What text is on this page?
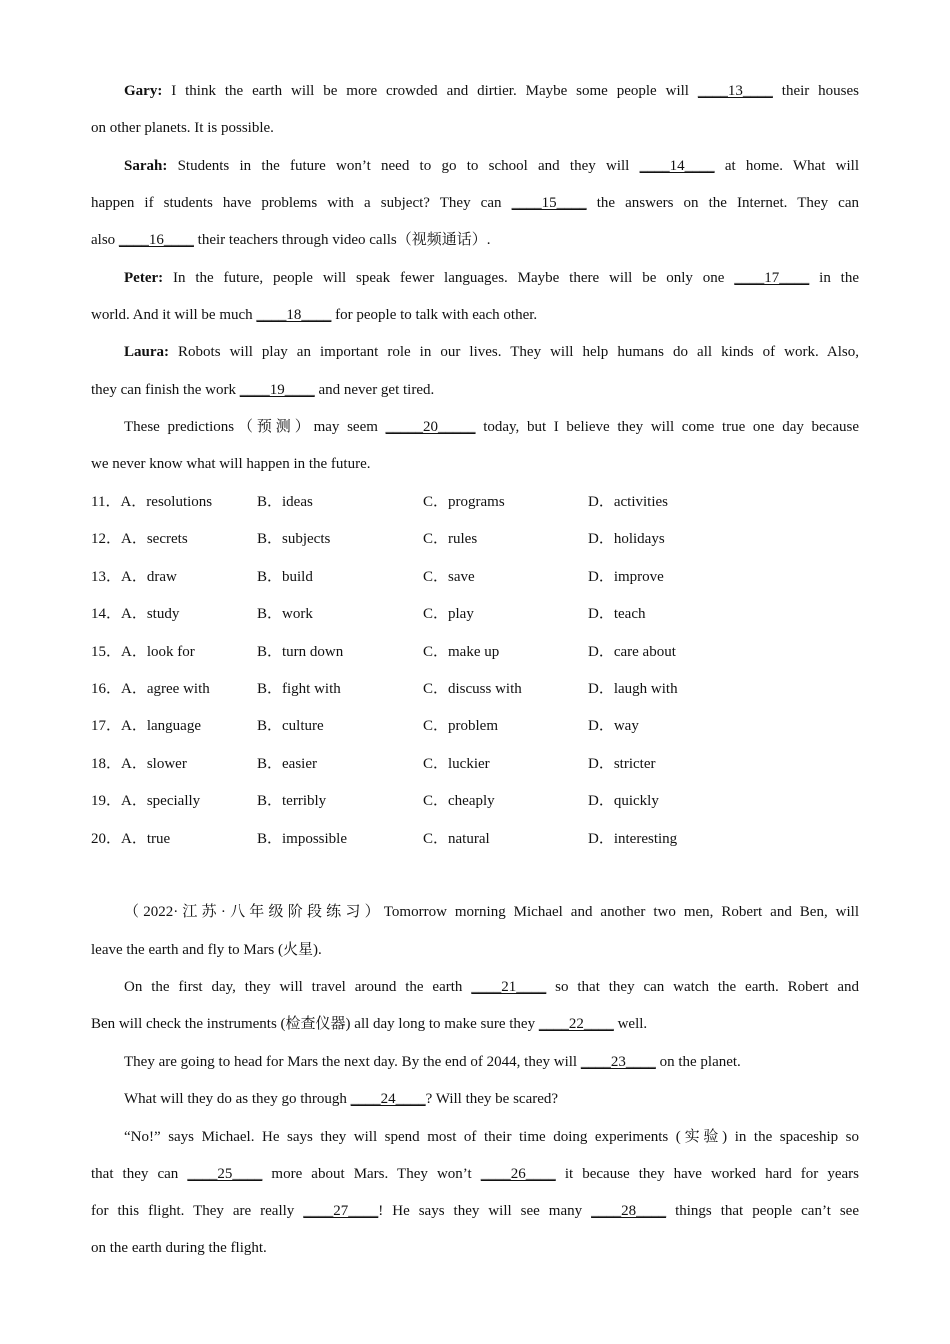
Gary: I think the earth will be more crowded and dirtier. Maybe some people will ____13____ their houses
on other planets. It is possible.
Sarah: Students in the future won’t need to go to school and they will ____14____ at home. What will
happen if students have problems with a subject? They can ____15____ the answers on the Internet. They can
also ____16____ their teachers through video calls（视频通话）.
Peter: In the future, people will speak fewer languages. Maybe there will be only one ____17____ in the
world. And it will be much ____18____ for people to talk with each other.
Laura: Robots will play an important role in our lives. They will help humans do all kinds of work. Also,
they can finish the work ____19____ and never get tired.
These predictions（预测）may seem _____20_____ today, but I believe they will come true one day because
we never know what will happen in the future.
11．A．resolutions	B．ideas	C．programs	D．activities
12．A．secrets	B．subjects	C．rules	D．holidays
13．A．draw	B．build	C．save	D．improve
14．A．study	B．work	C．play	D．teach
15．A．look for	B．turn down	C．make up	D．care about
16．A．agree with	B．fight with	C．discuss with	D．laugh with
17．A．language	B．culture	C．problem	D．way
18．A．slower	B．easier	C．luckier	D．stricter
19．A．specially	B．terribly	C．cheaply	D．quickly
20．A．true	B．impossible	C．natural	D．interesting
（2022·江苏·八年级阶段练习）Tomorrow morning Michael and another two men, Robert and Ben, will
leave the earth and fly to Mars (火星).
On the first day, they will travel around the earth ____21____ so that they can watch the earth. Robert and
Ben will check the instruments (检查仪器) all day long to make sure they ____22____ well.
They are going to head for Mars the next day. By the end of 2044, they will ____23____ on the planet.
What will they do as they go through ____24____? Will they be scared?
“No!” says Michael. He says they will spend most of their time doing experiments (实验) in the spaceship so
that they can ____25____ more about Mars. They won’t ____26____ it because they have worked hard for years
for this flight. They are really ____27____! He says they will see many ____28____ things that people can’t see
on the earth during the flight.
